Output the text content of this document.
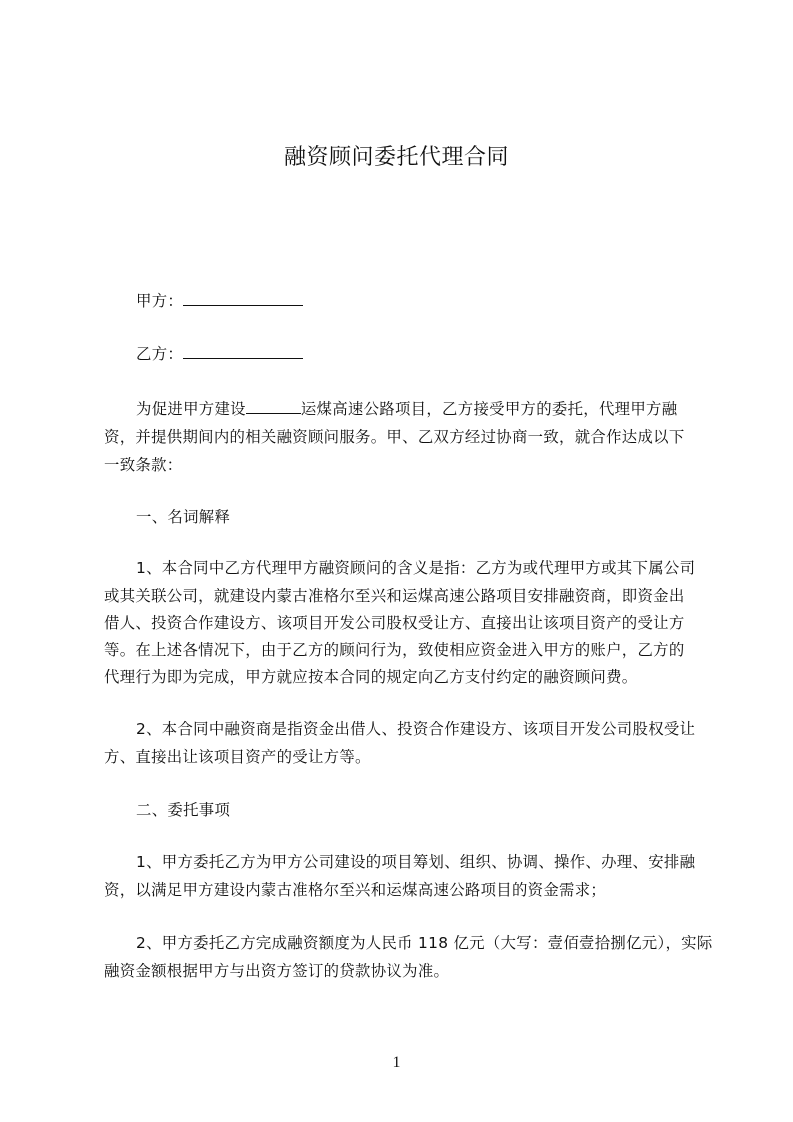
融资顾问委托代理合同
甲方：
乙方：
为促进甲方建设	运煤高速公路项目，乙方接受甲方的委托，代理甲方融
资，并提供期间内的相关融资顾问服务。甲、乙双方经过协商一致，就合作达成以下
一致条款：
一、名词解释
1、本合同中乙方代理甲方融资顾问的含义是指：乙方为或代理甲方或其下属公司
或其关联公司，就建设内蒙古准格尔至兴和运煤高速公路项目安排融资商，即资金出
借人、投资合作建设方、该项目开发公司股权受让方、直接出让该项目资产的受让方
等。在上述各情况下，由于乙方的顾问行为，致使相应资金进入甲方的账户，乙方的
代理行为即为完成，甲方就应按本合同的规定向乙方支付约定的融资顾问费。
2、本合同中融资商是指资金出借人、投资合作建设方、该项目开发公司股权受让
方、直接出让该项目资产的受让方等。
二、委托事项
1、甲方委托乙方为甲方公司建设的项目筹划、组织、协调、操作、办理、安排融
资，以满足甲方建设内蒙古准格尔至兴和运煤高速公路项目的资金需求；
2、甲方委托乙方完成融资额度为人民币 118 亿元（大写：壹佰壹拾捌亿元），实际
融资金额根据甲方与出资方签订的贷款协议为准。
1
